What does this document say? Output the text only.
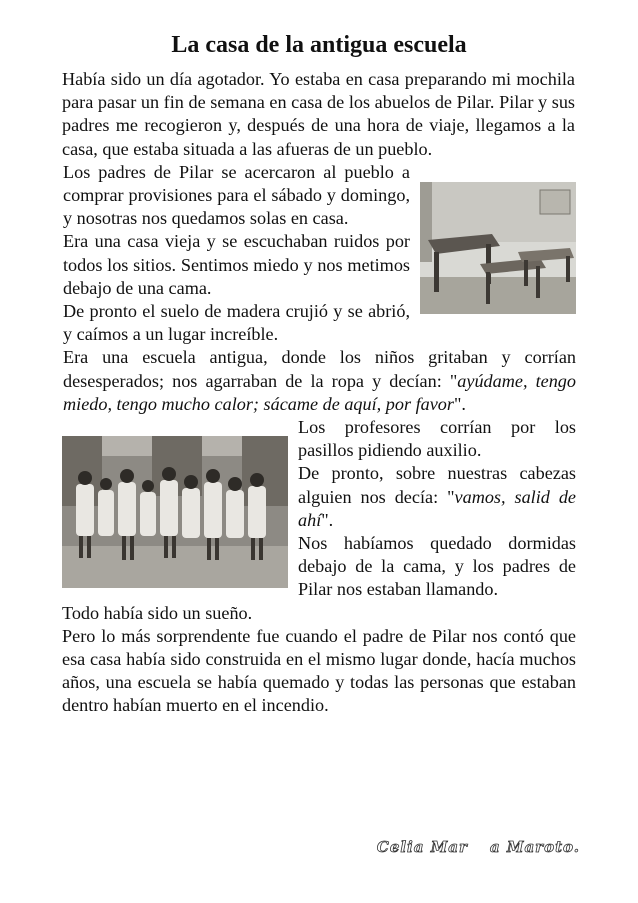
La casa de la antigua escuela

Había sido un día agotador. Yo estaba en casa preparando mi mochila para pasar un fin de semana en casa de los abuelos de Pilar. Pilar y sus padres me recogieron y, después de una hora de viaje, llegamos a la casa, que estaba situada a las afueras de un pueblo.

Los padres de Pilar se acercaron al pueblo a comprar provisiones para el sábado y domingo, y nosotras nos quedamos solas en casa.

Era una casa vieja y se escuchaban ruidos por todos los sitios. Sentimos miedo y nos metimos debajo de una cama.

De pronto el suelo de madera crujió y se abrió, y caímos a un lugar increíble.

Era una escuela antigua, donde los niños gritaban y corrían desesperados; nos agarraban de la ropa y decían: "ayúdame, tengo miedo, tengo mucho calor; sácame de aquí, por favor".

Los profesores corrían por los pasillos pidiendo auxilio.

De pronto, sobre nuestras cabezas alguien nos decía: "vamos, salid de ahí".

Nos habíamos quedado dormidas debajo de la cama, y los padres de Pilar nos estaban llamando.

Todo había sido un sueño.

Pero lo más sorprendente fue cuando el padre de Pilar nos contó que esa casa había sido construida en el mismo lugar donde, hacía muchos años, una escuela se había quemado y todas las personas que estaban dentro habían muerto en el incendio.

Celia Mar a Maroto.
